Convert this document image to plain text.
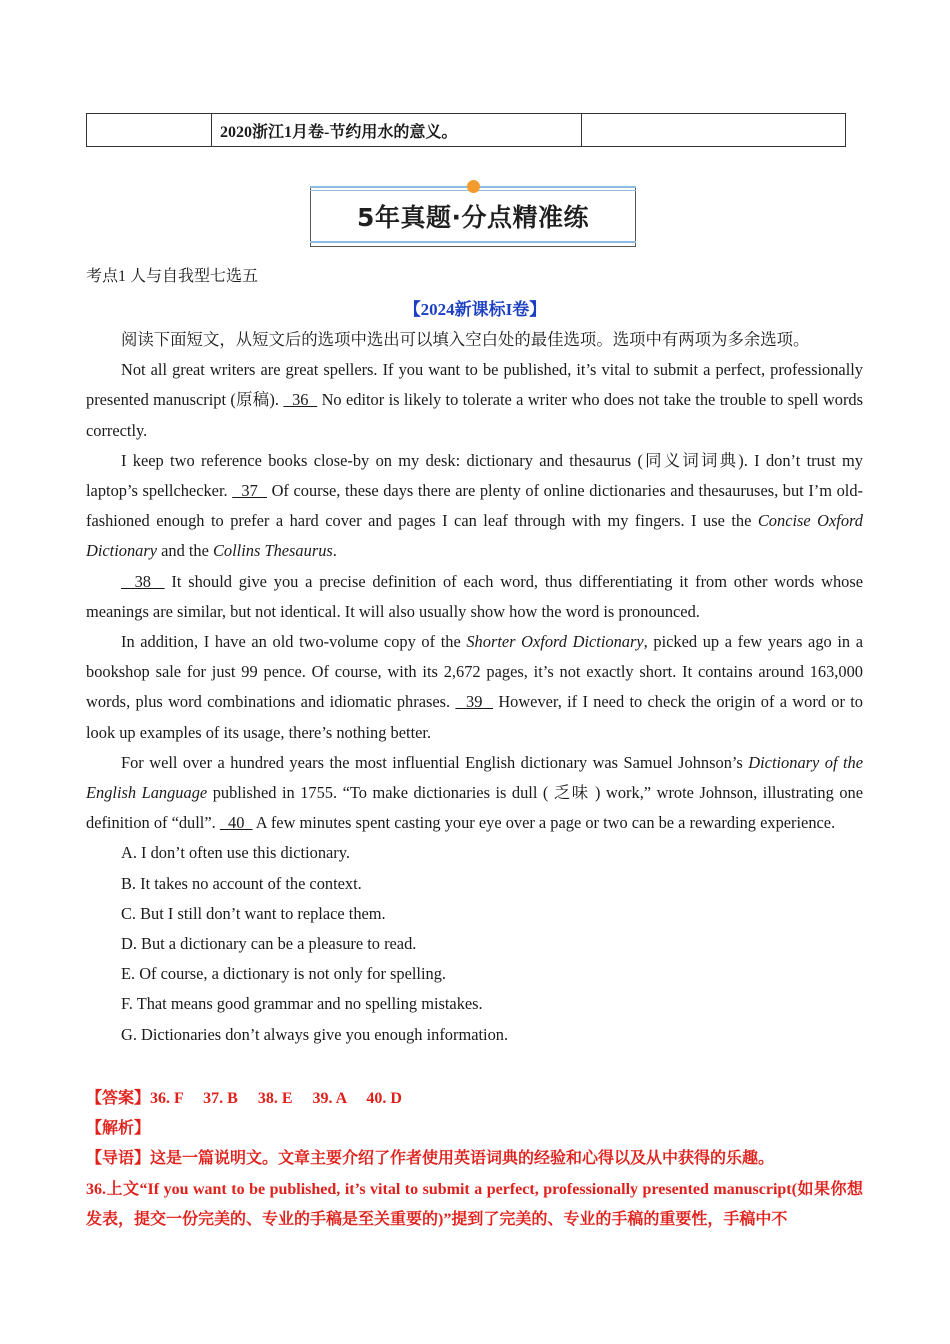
	2020浙江1月卷-节约用水的意义。	
5年真题·分点精准练
考点1 人与自我型七选五
【2024新课标I卷】

阅读下面短文，从短文后的选项中选出可以填入空白处的最佳选项。选项中有两项为多余选项。

Not all great writers are great spellers. If you want to be published, it’s vital to submit a perfect, professionally presented manuscript (原稿).   36   No editor is likely to tolerate a writer who does not take the trouble to spell words correctly.

I keep two reference books close-by on my desk: dictionary and thesaurus (同义词词典). I don’t trust my laptop’s spellchecker.   37   Of course, these days there are plenty of online dictionaries and thesauruses, but I’m old-fashioned enough to prefer a hard cover and pages I can leaf through with my fingers. I use the Concise Oxford Dictionary and the Collins Thesaurus.

38   It should give you a precise definition of each word, thus differentiating it from other words whose meanings are similar, but not identical. It will also usually show how the word is pronounced.

In addition, I have an old two-volume copy of the Shorter Oxford Dictionary, picked up a few years ago in a bookshop sale for just 99 pence. Of course, with its 2,672 pages, it’s not exactly short. It contains around 163,000 words, plus word combinations and idiomatic phrases.   39   However, if I need to check the origin of a word or to look up examples of its usage, there’s nothing better.

For well over a hundred years the most influential English dictionary was Samuel Johnson’s Dictionary of the English Language published in 1755. “To make dictionaries is dull ( 乏味 ) work,” wrote Johnson, illustrating one definition of “dull”.   40   A few minutes spent casting your eye over a page or two can be a rewarding experience.

A. I don’t often use this dictionary.

B. It takes no account of the context.

C. But I still don’t want to replace them.

D. But a dictionary can be a pleasure to read.

E. Of course, a dictionary is not only for spelling.

F. That means good grammar and no spelling mistakes.

G. Dictionaries don’t always give you enough information.

【答案】36. F　 37. B　 38. E　 39. A　 40. D

【解析】

【导语】这是一篇说明文。文章主要介绍了作者使用英语词典的经验和心得以及从中获得的乐趣。

36.上文“If you want to be published, it’s vital to submit a perfect, professionally presented manuscript(如果你想发表，提交一份完美的、专业的手稿是至关重要的)”提到了完美的、专业的手稿的重要性，手稿中不
